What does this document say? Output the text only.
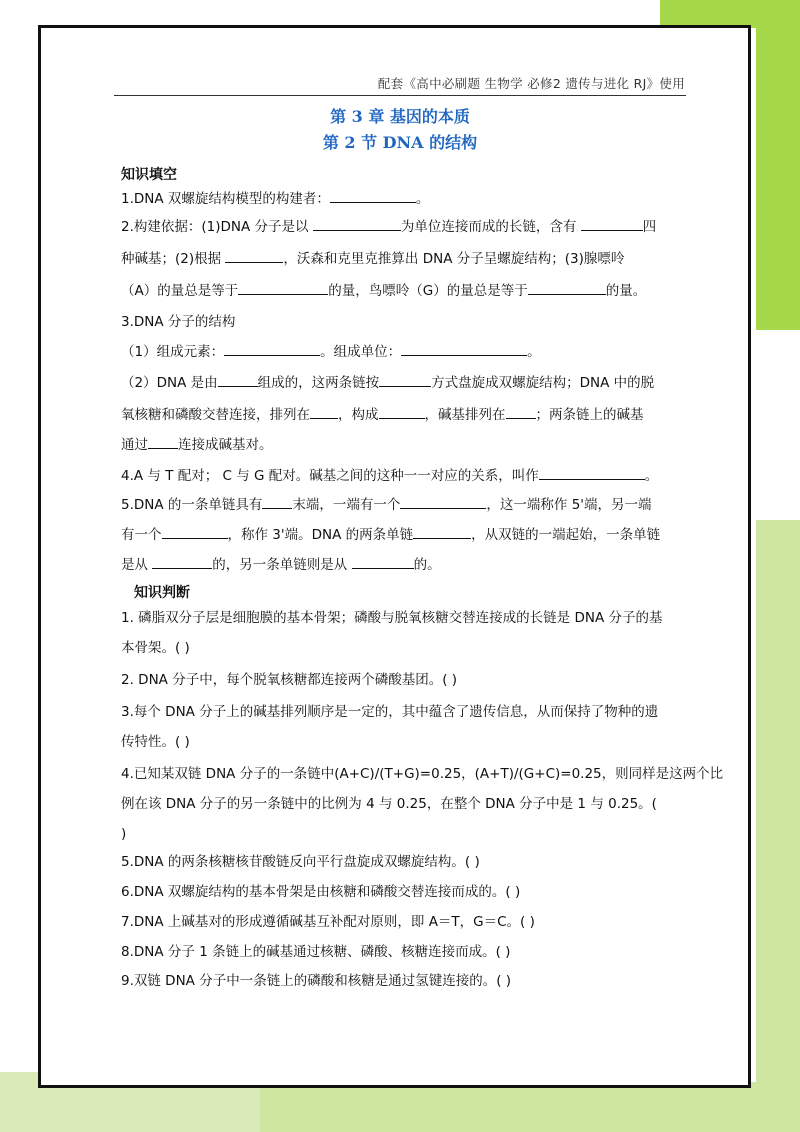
配套《高中必刷题 生物学 必修2 遗传与进化 RJ》使用
第 3 章 基因的本质
第 2 节 DNA 的结构
知识填空
1.DNA 双螺旋结构模型的构建者：	。
2.构建依据：(1)DNA 分子是以	为单位连接而成的长链，含有	四
种碱基；(2)根据	，沃森和克里克推算出 DNA 分子呈螺旋结构；(3)腺嘌呤
（A）的量总是等于	的量，鸟嘌呤（G）的量总是等于	的量。
3.DNA 分子的结构
（1）组成元素：	。组成单位：	。
（2）DNA 是由	组成的，这两条链按	方式盘旋成双螺旋结构；DNA 中的脱
氧核糖和磷酸交替连接，排列在 ，构成	，碱基排列在 ；两条链上的碱基
通过 连接成碱基对。
4.A 与 T 配对； C 与 G 配对。碱基之间的这种一一对应的关系，叫作	。
5.DNA 的一条单链具有 末端，一端有一个	，这一端称作 5'端，另一端
有一个	，称作 3'端。DNA 的两条单链	，从双链的一端起始，一条单链
是从	的，另一条单链则是从	的。
知识判断
1. 磷脂双分子层是细胞膜的基本骨架；磷酸与脱氧核糖交替连接成的长链是 DNA 分子的基
本骨架。( )
2. DNA 分子中，每个脱氧核糖都连接两个磷酸基团。( )
3.每个 DNA 分子上的碱基排列顺序是一定的，其中蕴含了遗传信息，从而保持了物种的遗
传特性。( )
4.已知某双链 DNA 分子的一条链中(A+C)/(T+G)=0.25，(A+T)/(G+C)=0.25，则同样是这两个比
例在该 DNA 分子的另一条链中的比例为 4 与 0.25，在整个 DNA 分子中是 1 与 0.25。(
)
5.DNA 的两条核糖核苷酸链反向平行盘旋成双螺旋结构。( )
6.DNA 双螺旋结构的基本骨架是由核糖和磷酸交替连接而成的。( )
7.DNA 上碱基对的形成遵循碱基互补配对原则，即 A＝T，G＝C。( )
8.DNA 分子 1 条链上的碱基通过核糖、磷酸、核糖连接而成。( )
9.双链 DNA 分子中一条链上的磷酸和核糖是通过氢键连接的。( )
